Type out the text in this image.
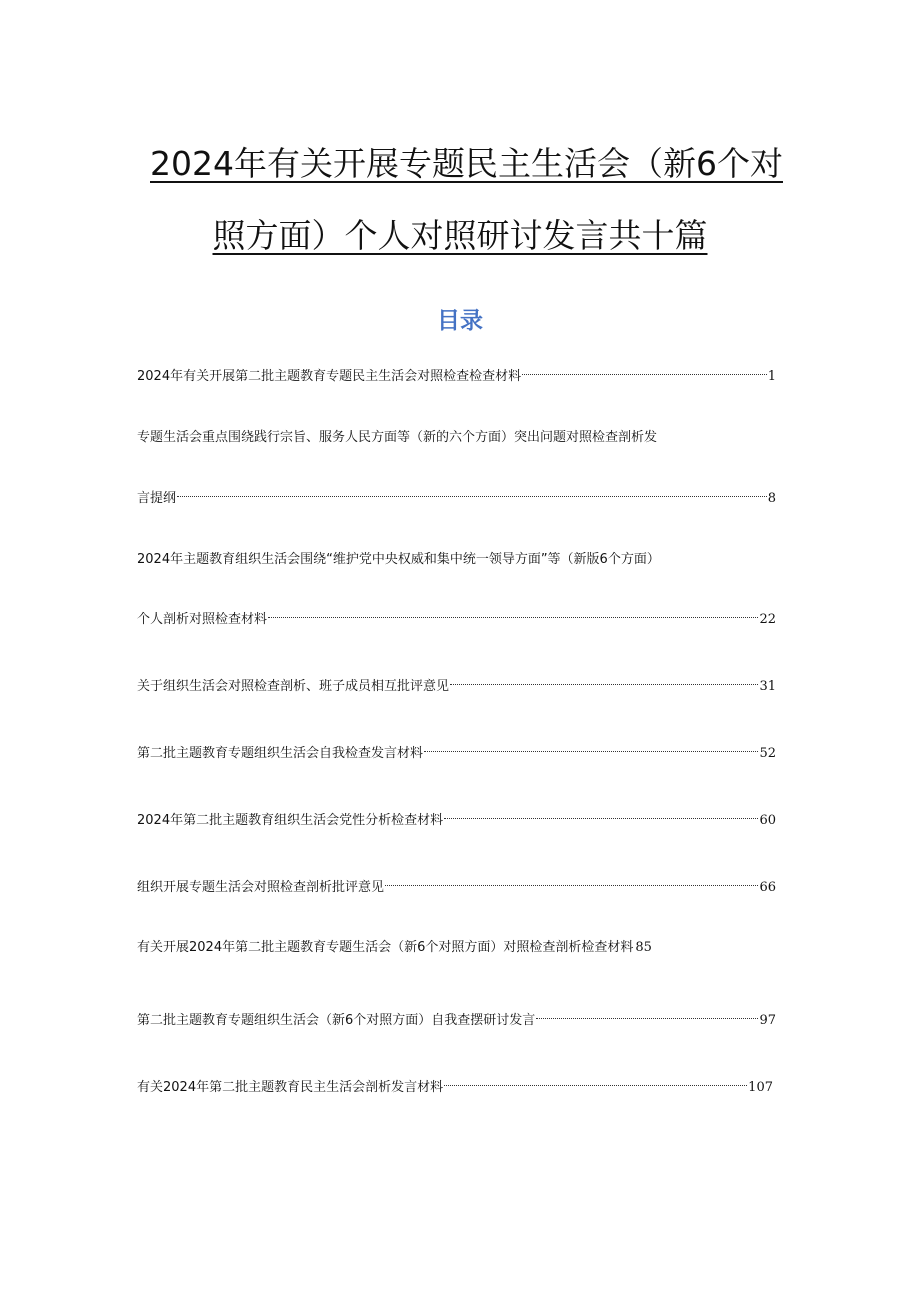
2024年有关开展专题民主生活会（新6个对
照方面）个人对照研讨发言共十篇
目录
2024年有关开展第二批主题教育专题民主生活会对照检查检查材料	1
专题生活会重点围绕践行宗旨、服务人民方面等（新的六个方面）突出问题对照检查剖析发
言提纲	8
2024年主题教育组织生活会围绕“维护党中央权威和集中统一领导方面”等（新版6个方面）
个人剖析对照检查材料	22
关于组织生活会对照检查剖析、班子成员相互批评意见	31
第二批主题教育专题组织生活会自我检查发言材料	52
2024年第二批主题教育组织生活会党性分析检查材料	60
组织开展专题生活会对照检查剖析批评意见	66
有关开展2024年第二批主题教育专题生活会（新6个对照方面）对照检查剖析检查材料 85
第二批主题教育专题组织生活会（新6个对照方面）自我查摆研讨发言	97
有关2024年第二批主题教育民主生活会剖析发言材料	107
